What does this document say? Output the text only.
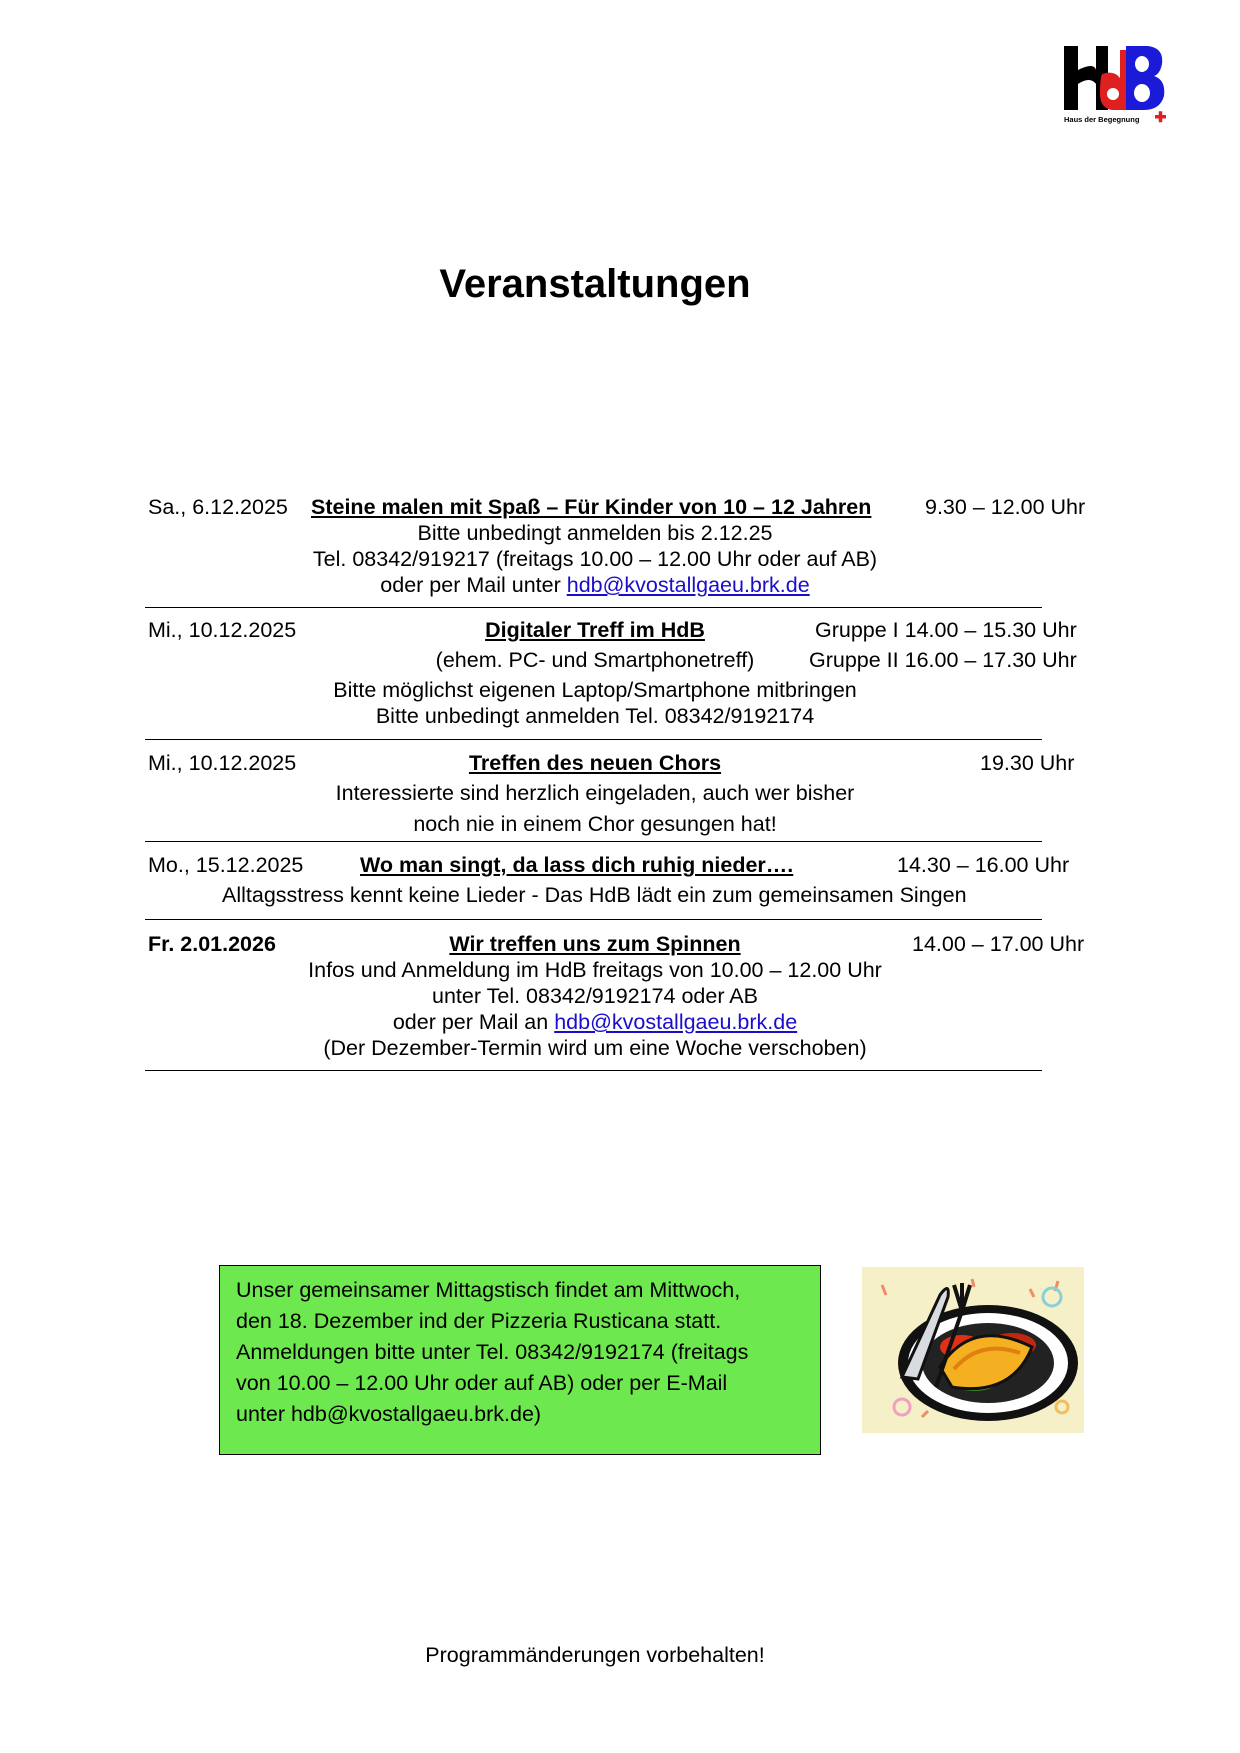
Haus der Begegnung
Veranstaltungen
Sa., 6.12.2025 Steine malen mit Spaß – Für Kinder von 10 – 12 Jahren 9.30 – 12.00 Uhr
Bitte unbedingt anmelden bis 2.12.25
Tel. 08342/919217 (freitags 10.00 – 12.00 Uhr oder auf AB)
oder per Mail unter hdb@kvostallgaeu.brk.de
Mi., 10.12.2025	Digitaler Treff im HdB	Gruppe I 14.00 – 15.30 Uhr
(ehem. PC- und Smartphonetreff)	Gruppe II 16.00 – 17.30 Uhr
Bitte möglichst eigenen Laptop/Smartphone mitbringen
Bitte unbedingt anmelden Tel. 08342/9192174
Mi., 10.12.2025	Treffen des neuen Chors	19.30 Uhr
Interessierte sind herzlich eingeladen, auch wer bisher
noch nie in einem Chor gesungen hat!
Mo., 15.12.2025	Wo man singt, da lass dich ruhig nieder….	14.30 – 16.00 Uhr
Alltagsstress kennt keine Lieder - Das HdB lädt ein zum gemeinsamen Singen
Fr. 2.01.2026	Wir treffen uns zum Spinnen	14.00 – 17.00 Uhr
Infos und Anmeldung im HdB freitags von 10.00 – 12.00 Uhr
unter Tel. 08342/9192174 oder AB
oder per Mail an hdb@kvostallgaeu.brk.de
(Der Dezember-Termin wird um eine Woche verschoben)
Unser gemeinsamer Mittagstisch findet am Mittwoch,
den 18. Dezember ind der Pizzeria Rusticana statt.
Anmeldungen bitte unter Tel. 08342/9192174 (freitags
von 10.00 – 12.00 Uhr oder auf AB) oder per E-Mail
unter hdb@kvostallgaeu.brk.de)
Programmänderungen vorbehalten!
